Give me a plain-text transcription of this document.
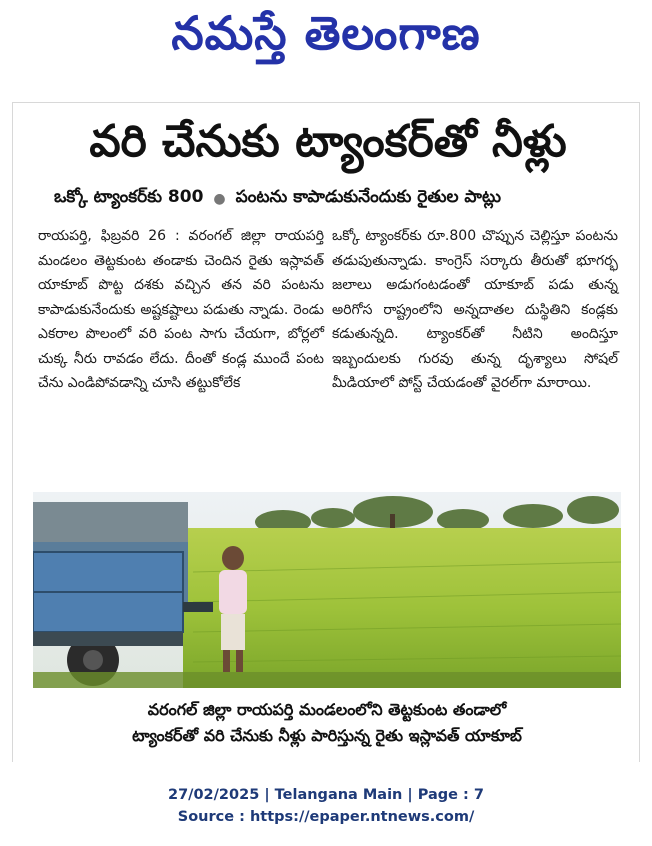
నమస్తే తెలంగాణ
వరి చేనుకు ట్యాంకర్‌తో నీళ్లు
ఒక్కో ట్యాంకర్‌కు 800 ● పంటను కాపాడుకునేందుకు రైతుల పాట్లు
రాయపర్తి, ఫిబ్రవరి 26 : వరంగల్ జిల్లా రాయపర్తి మండలం తెట్టకుంట తండాకు చెందిన రైతు ఇస్లావత్ యాకూబ్ పొట్ట దశకు వచ్చిన తన వరి పంటను కాపాడుకునేందుకు అష్టకష్టాలు పడుతు న్నాడు. రెండు ఎకరాల పొలంలో వరి పంట సాగు చేయగా, బోర్లలో చుక్క నీరు రావడం లేదు. దీంతో కండ్ల ముందే పంట చేను ఎండిపోవడాన్ని చూసి తట్టుకోలేక
ఒక్కో ట్యాంకర్‌కు రూ.800 చొప్పున చెల్లిస్తూ పంటను తడుపుతున్నాడు. కాంగ్రెస్ సర్కారు తీరుతో భూగర్భ జలాలు అడుగంటడంతో యాకూబ్ పడు తున్న అరిగోస రాష్ట్రంలోని అన్నదాతల దుస్థితిని కండ్లకు కడుతున్నది. ట్యాంకర్‌తో నీటిని అందిస్తూ ఇబ్బందులకు గురవు తున్న దృశ్యాలు సోషల్ మీడియాలో పోస్ట్ చేయడంతో వైరల్‌గా మారాయి.
వరంగల్ జిల్లా రాయపర్తి మండలంలోని తెట్టకుంట తండాలో
ట్యాంకర్‌తో వరి చేనుకు నీళ్లు పారిస్తున్న రైతు ఇస్లావత్ యాకూబ్
27/02/2025 | Telangana Main | Page : 7
Source : https://epaper.ntnews.com/
